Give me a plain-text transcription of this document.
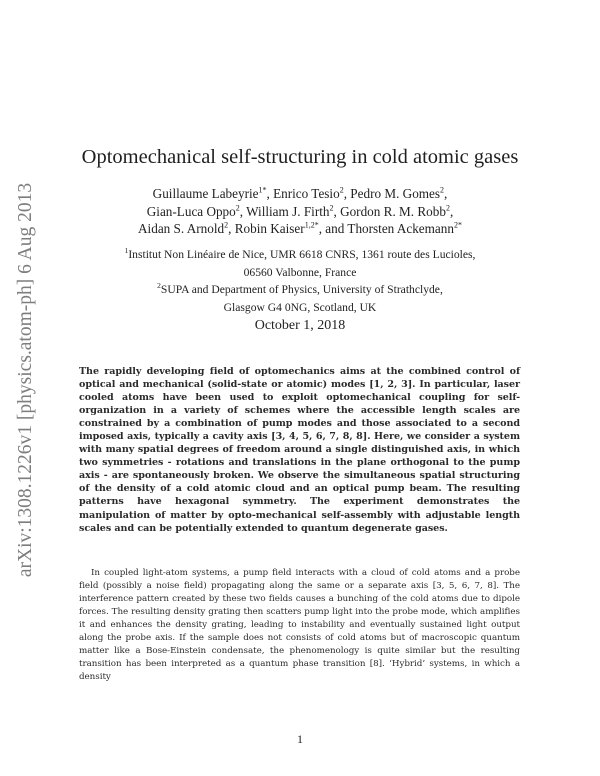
arXiv:1308.1226v1 [physics.atom-ph] 6 Aug 2013
Optomechanical self-structuring in cold atomic gases
Guillaume Labeyrie$^{1*}$, Enrico Tesio$^2$, Pedro M. Gomes$^2$,
Gian-Luca Oppo$^2$, William J. Firth$^2$, Gordon R. M. Robb$^2$,
Aidan S. Arnold$^2$, Robin Kaiser$^{1,2*}$, and Thorsten Ackemann$^{2*}$
$^1$Institut Non Linéaire de Nice, UMR 6618 CNRS, 1361 route des Lucioles,
06560 Valbonne, France
$^2$SUPA and Department of Physics, University of Strathclyde,
Glasgow G4 0NG, Scotland, UK
October 1, 2018

The rapidly developing field of optomechanics aims at the combined control of optical and mechanical (solid-state or atomic) modes [1, 2, 3]. In particular, laser cooled atoms have been used to exploit optomechanical coupling for self-organization in a variety of schemes where the accessible length scales are constrained by a combination of pump modes and those associated to a second imposed axis, typically a cavity axis [3, 4, 5, 6, 7, 8, 8]. Here, we consider a system with many spatial degrees of freedom around a single distinguished axis, in which two symmetries - rotations and translations in the plane orthogonal to the pump axis - are spontaneously broken. We observe the simultaneous spatial structuring of the density of a cold atomic cloud and an optical pump beam. The resulting patterns have hexagonal symmetry. The experiment demonstrates the manipulation of matter by opto-mechanical self-assembly with adjustable length scales and can be potentially extended to quantum degenerate gases.

In coupled light-atom systems, a pump field interacts with a cloud of cold atoms and a probe field (possibly a noise field) propagating along the same or a separate axis [3, 5, 6, 7, 8]. The interference pattern created by these two fields causes a bunching of the cold atoms due to dipole forces. The resulting density grating then scatters pump light into the probe mode, which amplifies it and enhances the density grating, leading to instability and eventually sustained light output along the probe axis. If the sample does not consists of cold atoms but of macroscopic quantum matter like a Bose-Einstein condensate, the phenomenology is quite similar but the resulting transition has been interpreted as a quantum phase transition [8]. ‘Hybrid’ systems, in which a density

1
